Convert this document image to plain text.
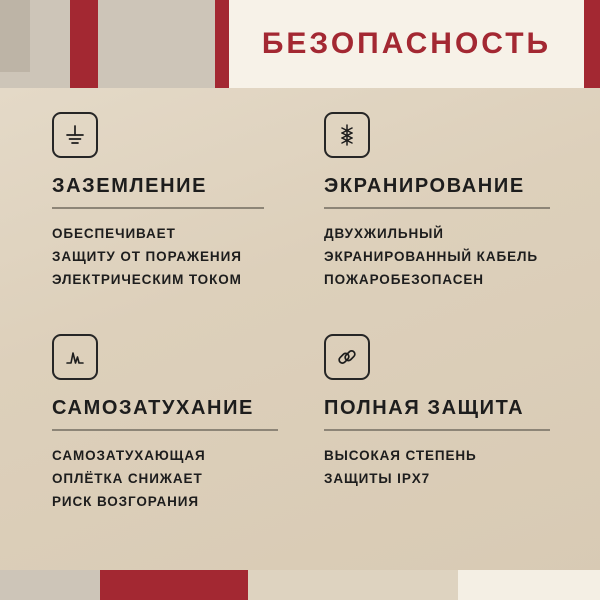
БЕЗОПАСНОСТЬ
ЗАЗЕМЛЕНИЕ
ОБЕСПЕЧИВАЕТ
ЗАЩИТУ ОТ ПОРАЖЕНИЯ
ЭЛЕКТРИЧЕСКИМ ТОКОМ
ЭКРАНИРОВАНИЕ
ДВУХЖИЛЬНЫЙ
ЭКРАНИРОВАННЫЙ КАБЕЛЬ
ПОЖАРОБЕЗОПАСЕН
САМОЗАТУХАНИЕ
САМОЗАТУХАЮЩАЯ
ОПЛЁТКА СНИЖАЕТ
РИСК ВОЗГОРАНИЯ
ПОЛНАЯ ЗАЩИТА
ВЫСОКАЯ СТЕПЕНЬ
ЗАЩИТЫ IPX7
